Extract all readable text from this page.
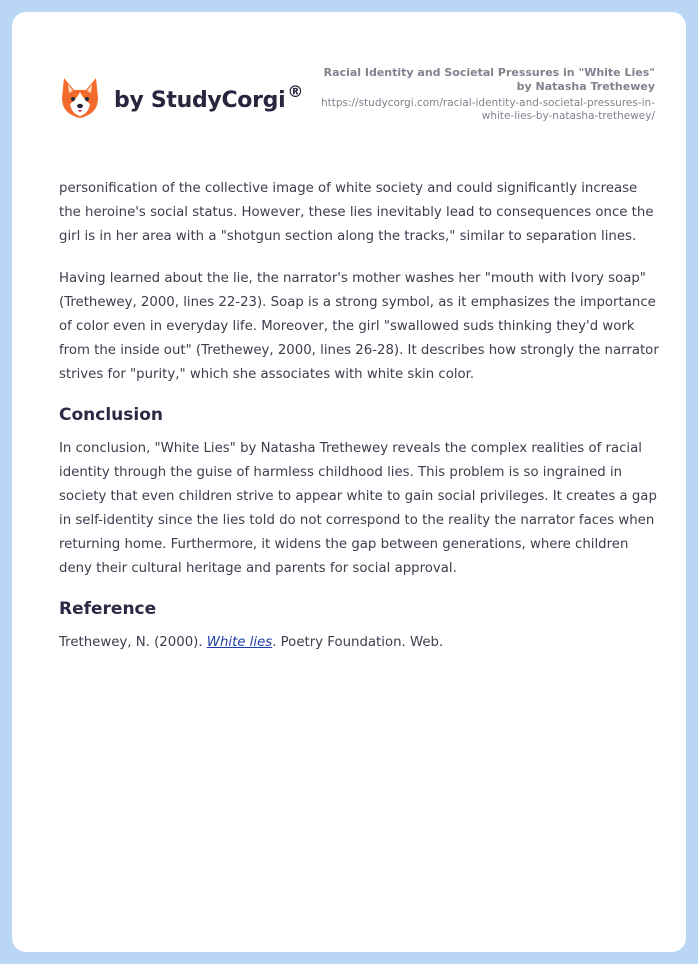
by StudyCorgi ®
Racial Identity and Societal Pressures in "White Lies" by Natasha Trethewey
https://studycorgi.com/racial-identity-and-societal-pressures-in-white-lies-by-natasha-trethewey/

personification of the collective image of white society and could significantly increase the heroine's social status. However, these lies inevitably lead to consequences once the girl is in her area with a "shotgun section along the tracks," similar to separation lines.

Having learned about the lie, the narrator's mother washes her "mouth with Ivory soap" (Trethewey, 2000, lines 22-23). Soap is a strong symbol, as it emphasizes the importance of color even in everyday life. Moreover, the girl "swallowed suds thinking they'd work from the inside out" (Trethewey, 2000, lines 26-28). It describes how strongly the narrator strives for "purity," which she associates with white skin color.

Conclusion

In conclusion, "White Lies" by Natasha Trethewey reveals the complex realities of racial identity through the guise of harmless childhood lies. This problem is so ingrained in society that even children strive to appear white to gain social privileges. It creates a gap in self-identity since the lies told do not correspond to the reality the narrator faces when returning home. Furthermore, it widens the gap between generations, where children deny their cultural heritage and parents for social approval.

Reference

Trethewey, N. (2000). White lies. Poetry Foundation. Web.
